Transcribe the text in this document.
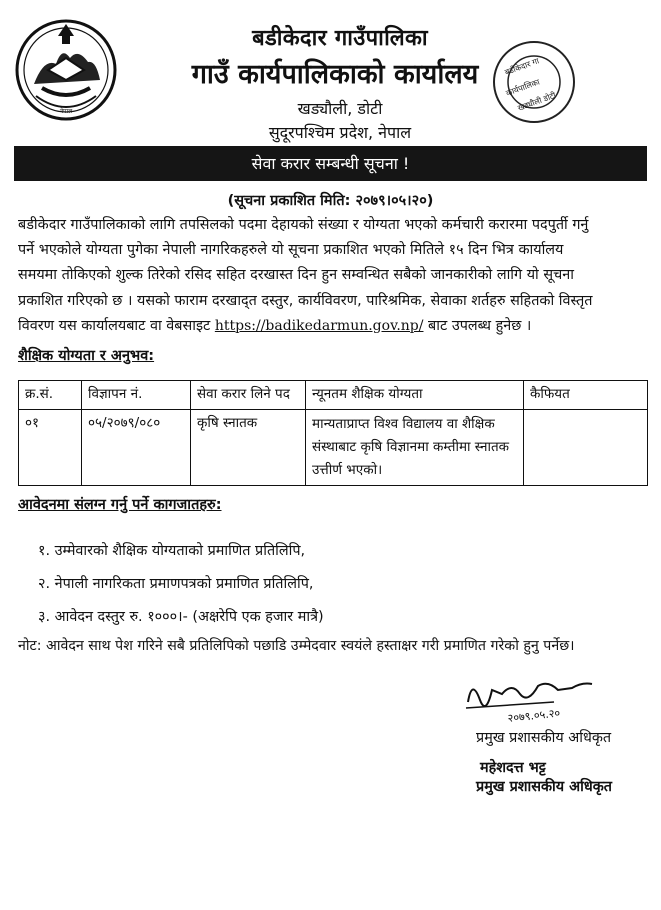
नेपाल
बडीकेदार गाउँपालिका
गाउँ कार्यपालिकाको कार्यालय
खड्यौली, डोटी
सुदूरपश्चिम प्रदेश, नेपाल
बडीकेदार गा
कार्यपालिका
खड्यौली डोटी
सेवा करार सम्बन्धी सूचना !
(सूचना प्रकाशित मिति: २०७९।०५।२०)
बडीकेदार गाउँपालिकाको लागि तपसिलको पदमा देहायको संख्या र योग्यता भएको कर्मचारी करारमा पदपुर्ती गर्नु
पर्ने भएकोले योग्यता पुगेका नेपाली नागरिकहरुले यो सूचना प्रकाशित भएको मितिले १५ दिन भित्र कार्यालय
समयमा तोकिएको शुल्क तिरेको रसिद सहित दरखास्त दिन हुन सम्वन्धित सबैको जानकारीको लागि यो सूचना
प्रकाशित गरिएको छ । यसको फाराम दरखाद्त दस्तुर, कार्यविवरण, पारिश्रमिक, सेवाका शर्तहरु सहितको विस्तृत
विवरण यस कार्यालयबाट वा वेबसाइट https://badikedarmun.gov.np/ बाट उपलब्ध हुनेछ ।
शैक्षिक योग्यता र अनुभव:
क्र.सं.	विज्ञापन नं.	सेवा करार लिने पद	न्यूनतम शैक्षिक योग्यता	कैफियत
०१	०५/२०७९/०८०	कृषि स्नातक	मान्यताप्राप्त विश्व विद्यालय वा शैक्षिक संस्थाबाट कृषि विज्ञानमा कम्तीमा स्नातक उत्तीर्ण भएको।	
आवेदनमा संलग्न गर्नु पर्ने कागजातहरु:
१. उम्मेवारको शैक्षिक योग्यताको प्रमाणित प्रतिलिपि,
२. नेपाली नागरिकता प्रमाणपत्रको प्रमाणित प्रतिलिपि,
३. आवेदन दस्तुर रु. १०००।- (अक्षरेपि एक हजार मात्रै)
नोट: आवेदन साथ पेश गरिने सबै प्रतिलिपिको पछाडि उम्मेदवार स्वयंले हस्ताक्षर गरी प्रमाणित गरेको हुनु पर्नेछ।
२०७९.०५.२०
प्रमुख प्रशासकीय अधिकृत
महेशदत्त भट्ट
प्रमुख प्रशासकीय अधिकृत
